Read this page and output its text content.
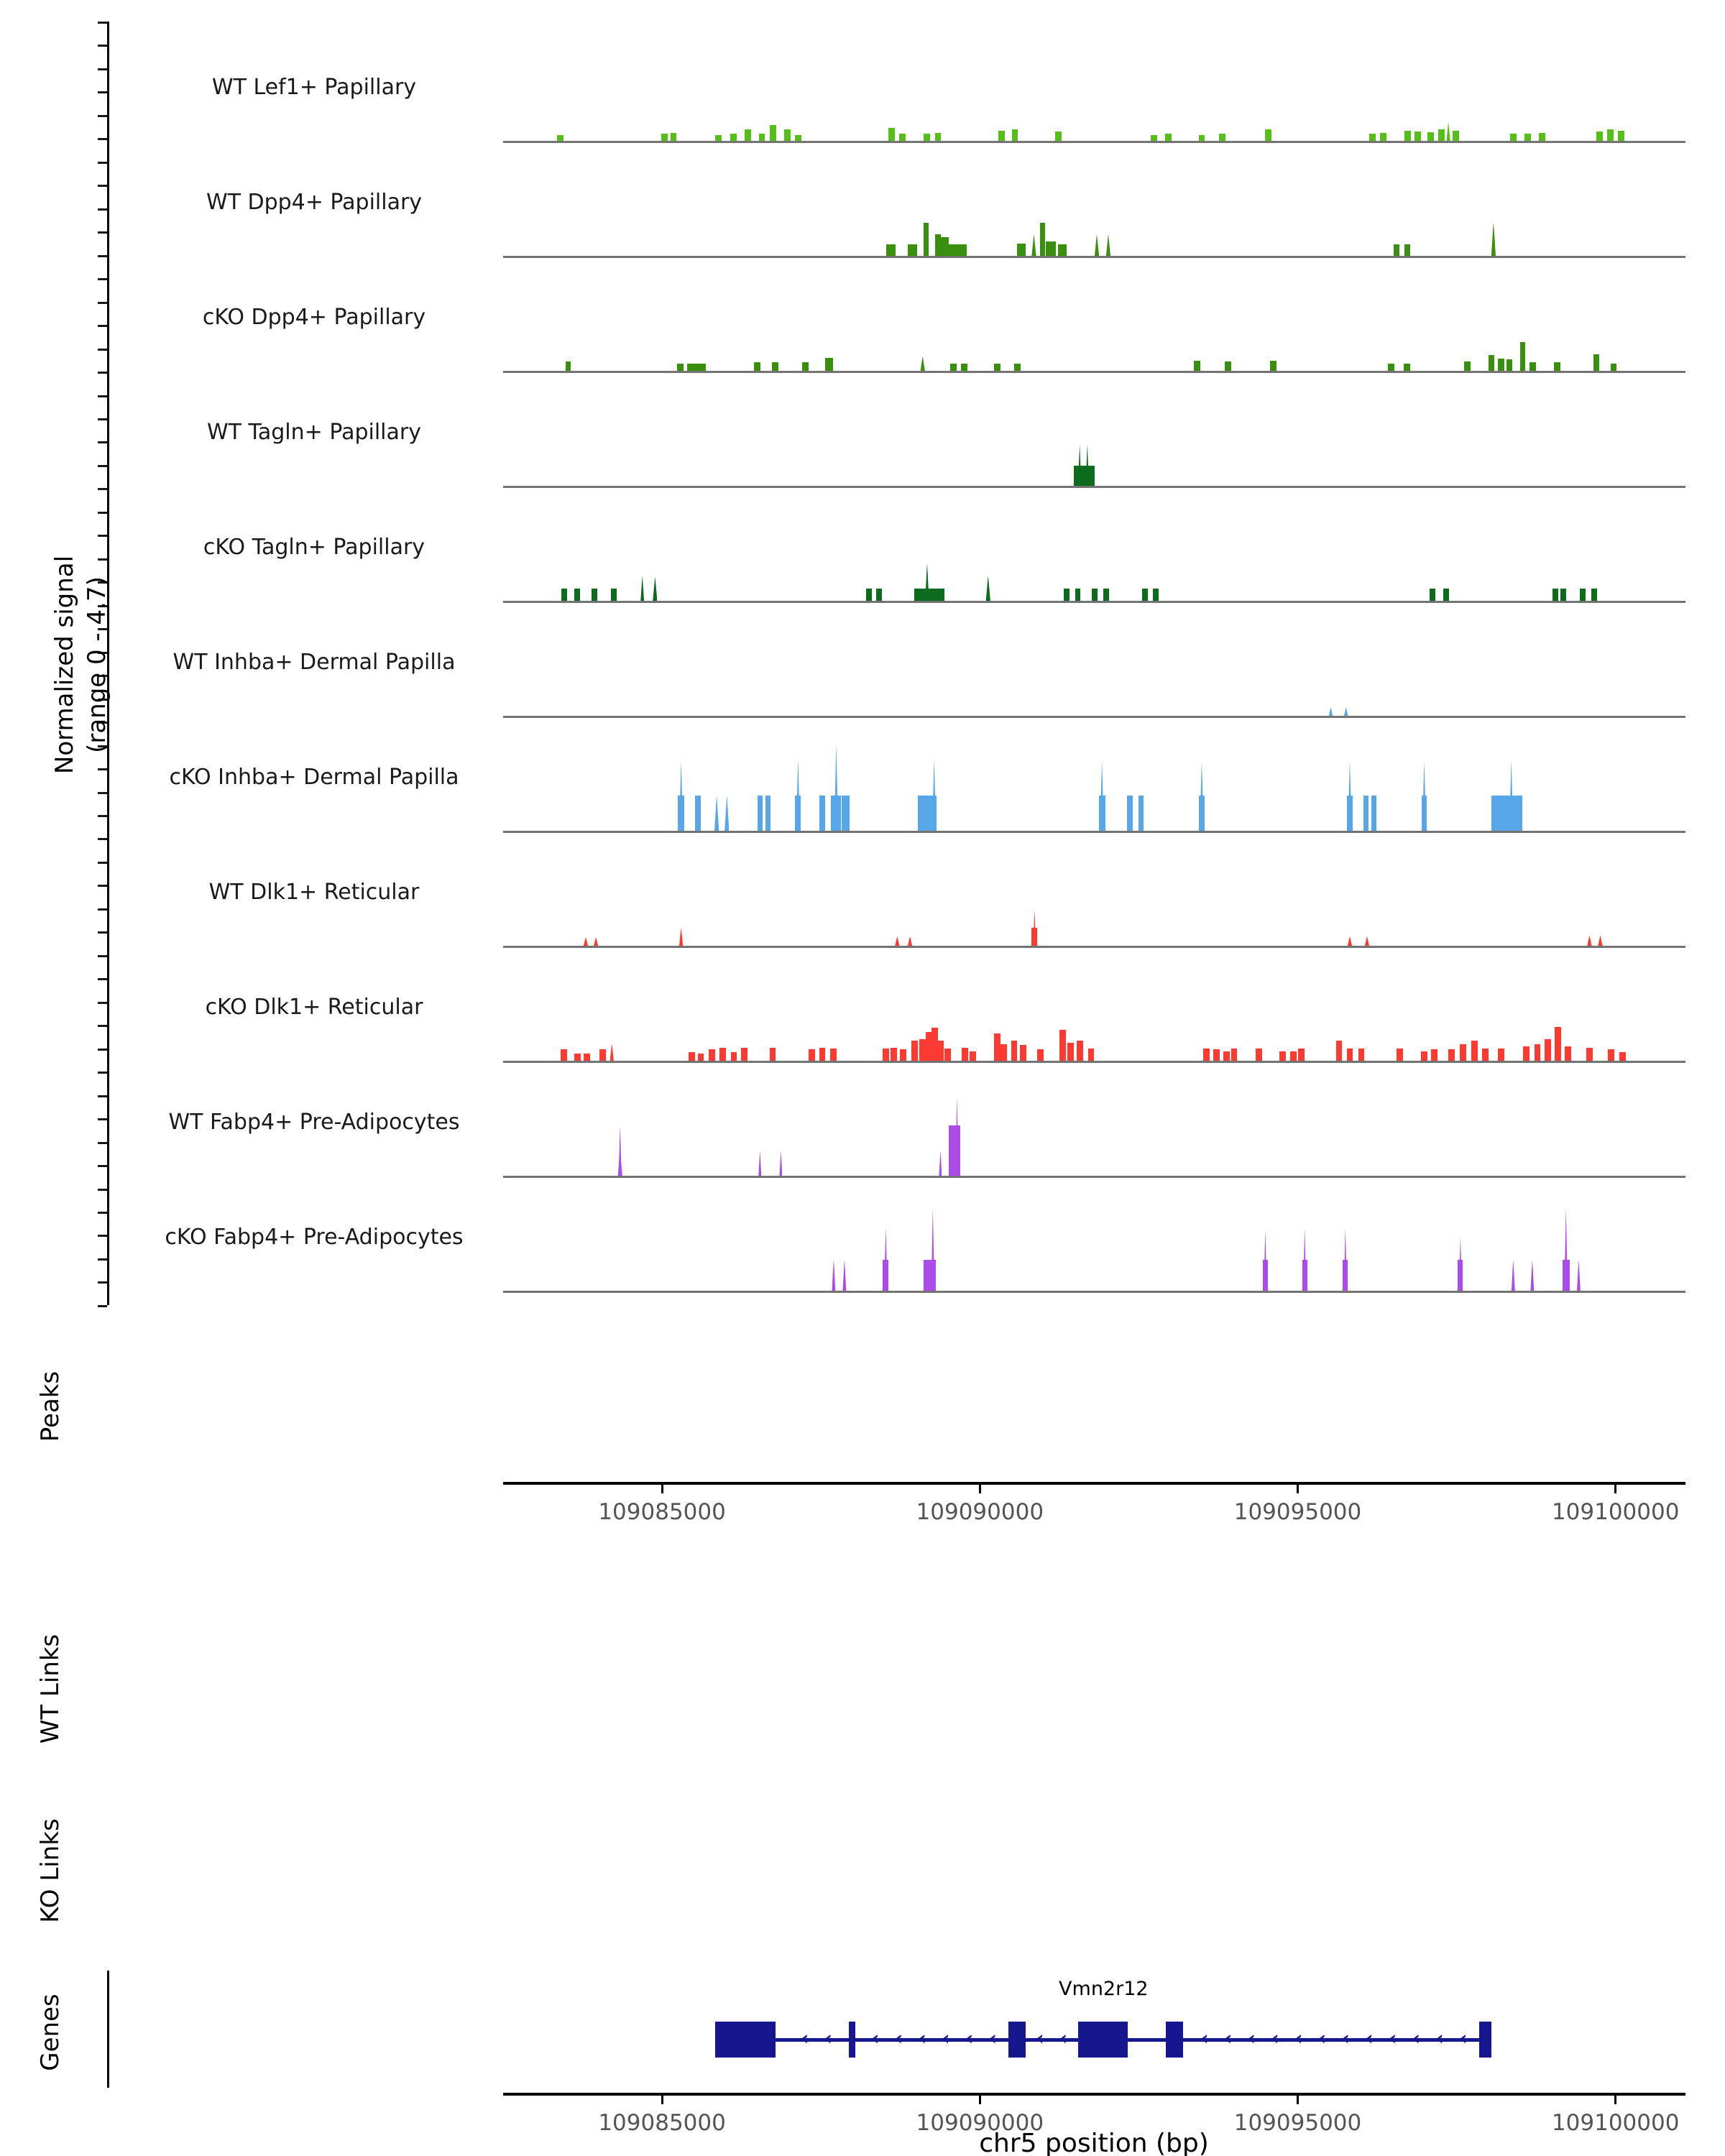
Normalized signal (range 0 - 4.7)
WT Lef1+ Papillary
WT Dpp4+ Papillary
cKO Dpp4+ Papillary
WT Tagln+ Papillary
cKO Tagln+ Papillary
WT Inhba+ Dermal Papilla
cKO Inhba+ Dermal Papilla
WT Dlk1+ Reticular
cKO Dlk1+ Reticular
WT Fabp4+ Pre-Adipocytes
cKO Fabp4+ Pre-Adipocytes
Peaks
109085000	109090000	109095000	109100000
WT Links
KO Links
Genes
Vmn2r12
‹ ‹ ‹ ‹ ‹ ‹ ‹ ‹ ‹ ‹	‹ ‹ ‹ ‹ ‹ ‹ ‹ ‹ ‹ ‹ ‹ ‹
109085000	109090000	109095000	109100000
chr5 position (bp)
